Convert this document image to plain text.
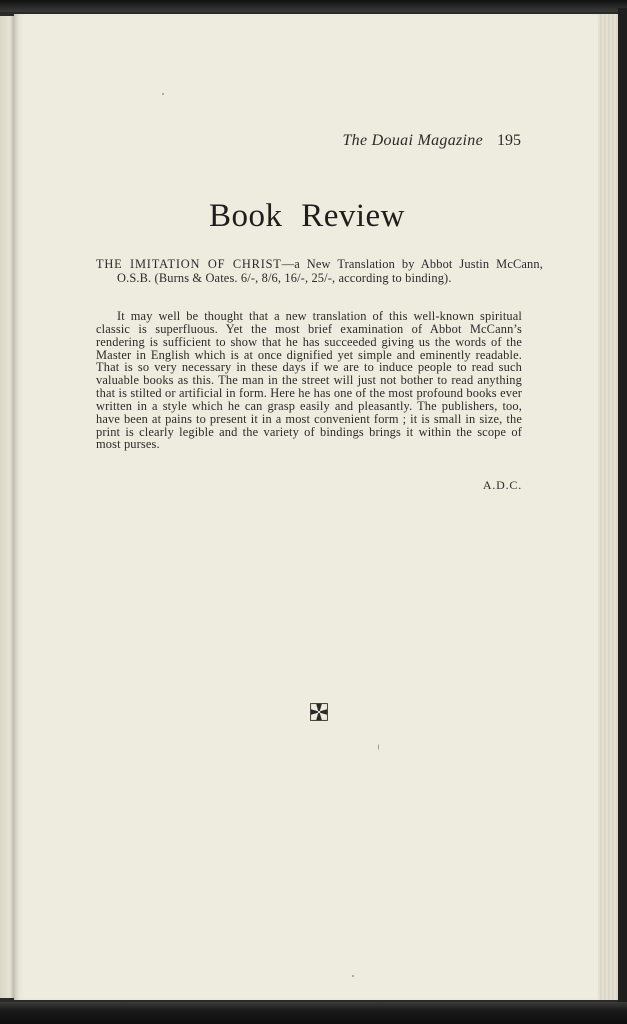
The Douai Magazine 195
Book Review
THE IMITATION OF CHRIST—a New Translation by Abbot Justin McCann, O.S.B. (Burns & Oates. 6/-, 8/6, 16/-, 25/-, according to binding).
It may well be thought that a new translation of this well-known spiritual classic is superfluous. Yet the most brief examination of Abbot McCann’s rendering is sufficient to show that he has succeeded giving us the words of the Master in English which is at once dignified yet simple and eminently readable. That is so very necessary in these days if we are to induce people to read such valuable books as this. The man in the street will just not bother to read anything that is stilted or artificial in form. Here he has one of the most profound books ever written in a style which he can grasp easily and pleasantly. The publishers, too, have been at pains to present it in a most convenient form ; it is small in size, the print is clearly legible and the variety of bindings brings it within the scope of most purses.
A.D.C.
